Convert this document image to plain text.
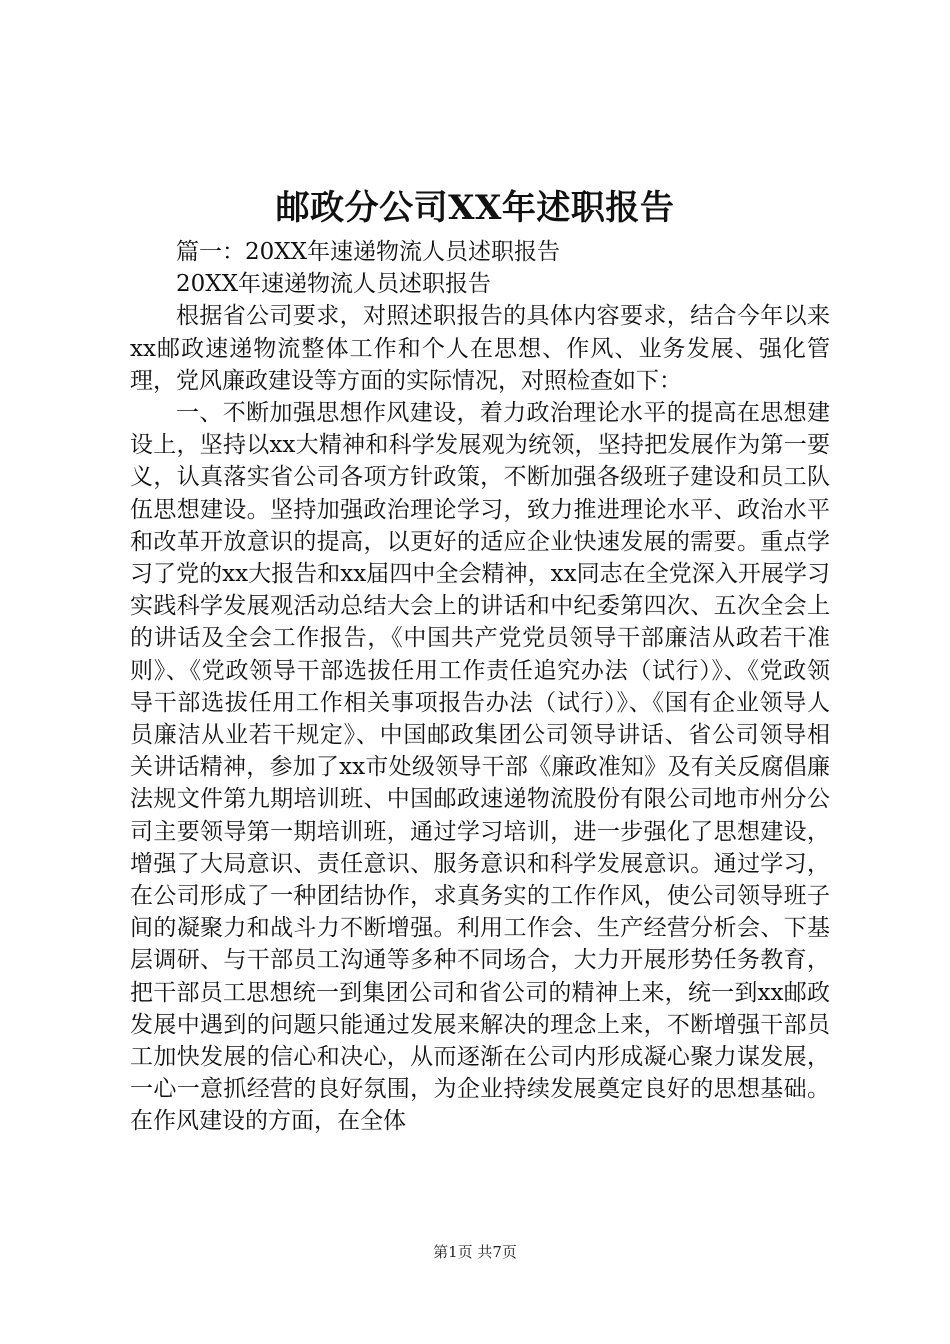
邮政分公司XX年述职报告

篇一：20XX年速递物流人员述职报告

20XX年速递物流人员述职报告

根据省公司要求，对照述职报告的具体内容要求，结合今年以来xx邮政速递物流整体工作和个人在思想、作风、业务发展、强化管理，党风廉政建设等方面的实际情况，对照检查如下：

一、不断加强思想作风建设，着力政治理论水平的提高在思想建设上，坚持以xx大精神和科学发展观为统领，坚持把发展作为第一要义，认真落实省公司各项方针政策，不断加强各级班子建设和员工队伍思想建设。坚持加强政治理论学习，致力推进理论水平、政治水平和改革开放意识的提高，以更好的适应企业快速发展的需要。重点学习了党的xx大报告和xx届四中全会精神，xx同志在全党深入开展学习实践科学发展观活动总结大会上的讲话和中纪委第四次、五次全会上的讲话及全会工作报告，《中国共产党党员领导干部廉洁从政若干准则》、《党政领导干部选拔任用工作责任追究办法（试行）》、《党政领导干部选拔任用工作相关事项报告办法（试行）》、《国有企业领导人员廉洁从业若干规定》、中国邮政集团公司领导讲话、省公司领导相关讲话精神，参加了xx市处级领导干部《廉政准知》及有关反腐倡廉法规文件第九期培训班、中国邮政速递物流股份有限公司地市州分公司主要领导第一期培训班，通过学习培训，进一步强化了思想建设，增强了大局意识、责任意识、服务意识和科学发展意识。通过学习，在公司形成了一种团结协作，求真务实的工作作风，使公司领导班子间的凝聚力和战斗力不断增强。利用工作会、生产经营分析会、下基层调研、与干部员工沟通等多种不同场合，大力开展形势任务教育，把干部员工思想统一到集团公司和省公司的精神上来，统一到xx邮政发展中遇到的问题只能通过发展来解决的理念上来，不断增强干部员工加快发展的信心和决心，从而逐渐在公司内形成凝心聚力谋发展，一心一意抓经营的良好氛围，为企业持续发展奠定良好的思想基础。在作风建设的方面，在全体

第1页 共7页
